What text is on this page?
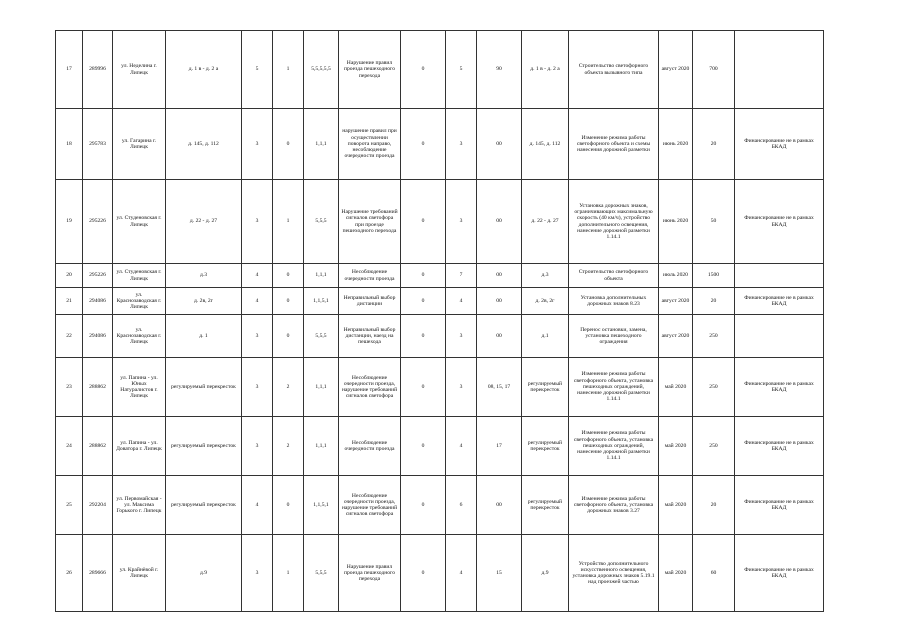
17	289996	ул. Неделина г. Липецк	д. 1 в - д. 2 а	5	1	5,5,5,5,5	Нарушение правил проезда пешеходного перехода	0	5	90	д. 1 в - д. 2 а	Строительство светофорного объекта вызывного типа	август 2020	700	
18	295783	ул. Гагарина г. Липецк	д. 145, д. 112	3	0	1,1,1	нарушение правил при осуществлении поворота направо, несоблюдение очередности проезда	0	3	00	д. 145, д. 112	Изменение режима работы светофорного объекта и схемы нанесения дорожной разметки	июнь 2020	20	Финансирование не в рамках БКАД
19	295226	ул. Студеновская г. Липецк	д. 22 - д. 27	3	1	5,5,5	Нарушение требований сигналов светофора при проезде пешеходного перехода	0	3	00	д. 22 - д. 27	Установка дорожных знаков, ограничивающих максимальную скорость (40 км/ч), устройство дополнительного освещения, нанесение дорожной разметки 1.14.1	июнь 2020	50	Финансирование не в рамках БКАД
20	295226	ул. Студеновская г. Липецк	д.3	4	0	1,1,1	Несоблюдение очередности проезда	0	7	00	д.3	Строительство светофорного объекта	июль 2020	1500	
21	294086	ул. Краснозаводская г. Липецк	д. 2в, 2г	4	0	1,1,5,1	Неправильный выбор дистанции	0	4	00	д. 2в, 2г	Установка дополнительных дорожных знаков 8.23	август 2020	20	Финансирование не в рамках БКАД
22	294086	ул. Краснозаводская г. Липецк	д. 1	3	0	5,5,5	Неправильный выбор дистанции, наезд на пешехода	0	3	00	д.1	Перенос остановки, замена, установка пешеходного ограждения	август 2020	250	
23	288862	ул. Папина - ул. Юных Натуралистов г. Липецк	регулируемый перекресток	3	2	1,1,1	Несоблюдение очередности проезда, нарушение требований сигналов светофора	0	3	08, 15, 17	регулируемый перекресток	Изменение режима работы светофорного объекта, установка пешеходных ограждений, нанесение дорожной разметки 1.14.1	май 2020	250	Финансирование не в рамках БКАД
24	288862	ул. Папина - ул. Доватора г. Липецк	регулируемый перекресток	3	2	1,1,1	Несоблюдение очередности проезда	0	4	17	регулируемый перекресток	Изменение режима работы светофорного объекта, установка пешеходных ограждений, нанесение дорожной разметки 1.14.1	май 2020	250	Финансирование не в рамках БКАД
25	292204	ул. Первомайская - ул. Максима Горького г. Липецк	регулируемый перекресток	4	0	1,1,5,1	Несоблюдение очередности проезда, нарушение требований сигналов светофора	0	6	00	регулируемый перекресток	Изменение режима работы светофорного объекта, установка дорожных знаков 3.27	май 2020	20	Финансирование не в рамках БКАД
26	289666	ул. Крайнёвой г. Липецк	д.9	3	1	5,5,5	Нарушение правил проезда пешеходного перехода	0	4	15	д.9	Устройство дополнительного искусственного освещения, установка дорожных знаков 5.19.1 над проезжей частью	май 2020	60	Финансирование не в рамках БКАД
